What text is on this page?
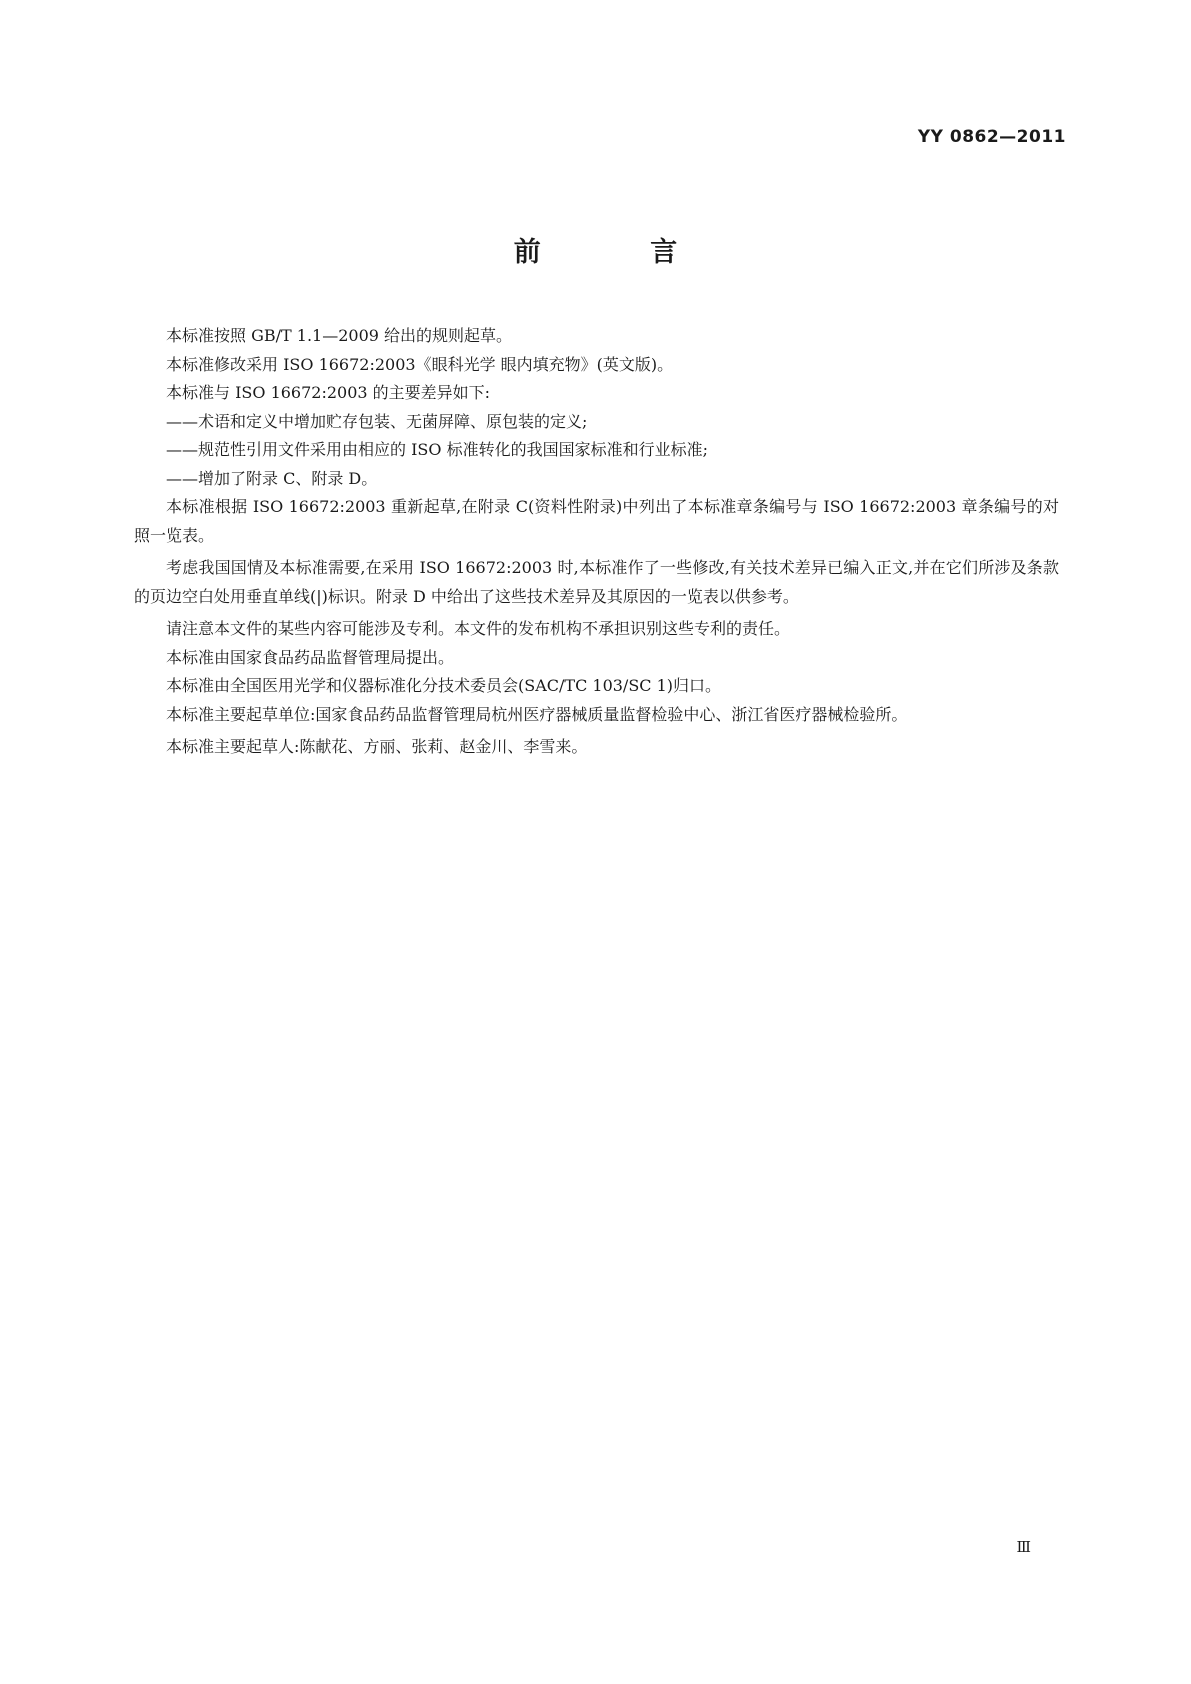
YY 0862—2011
前 言

本标准按照 GB/T 1.1—2009 给出的规则起草。

本标准修改采用 ISO 16672:2003《眼科光学 眼内填充物》(英文版)。

本标准与 ISO 16672:2003 的主要差异如下:

——术语和定义中增加贮存包装、无菌屏障、原包装的定义;

——规范性引用文件采用由相应的 ISO 标准转化的我国国家标准和行业标准;

——增加了附录 C、附录 D。

本标准根据 ISO 16672:2003 重新起草,在附录 C(资料性附录)中列出了本标准章条编号与 ISO 16672:2003 章条编号的对照一览表。

考虑我国国情及本标准需要,在采用 ISO 16672:2003 时,本标准作了一些修改,有关技术差异已编入正文,并在它们所涉及条款的页边空白处用垂直单线(|)标识。附录 D 中给出了这些技术差异及其原因的一览表以供参考。

请注意本文件的某些内容可能涉及专利。本文件的发布机构不承担识别这些专利的责任。

本标准由国家食品药品监督管理局提出。

本标准由全国医用光学和仪器标准化分技术委员会(SAC/TC 103/SC 1)归口。

本标准主要起草单位:国家食品药品监督管理局杭州医疗器械质量监督检验中心、浙江省医疗器械检验所。

本标准主要起草人:陈献花、方丽、张莉、赵金川、李雪来。

Ⅲ
